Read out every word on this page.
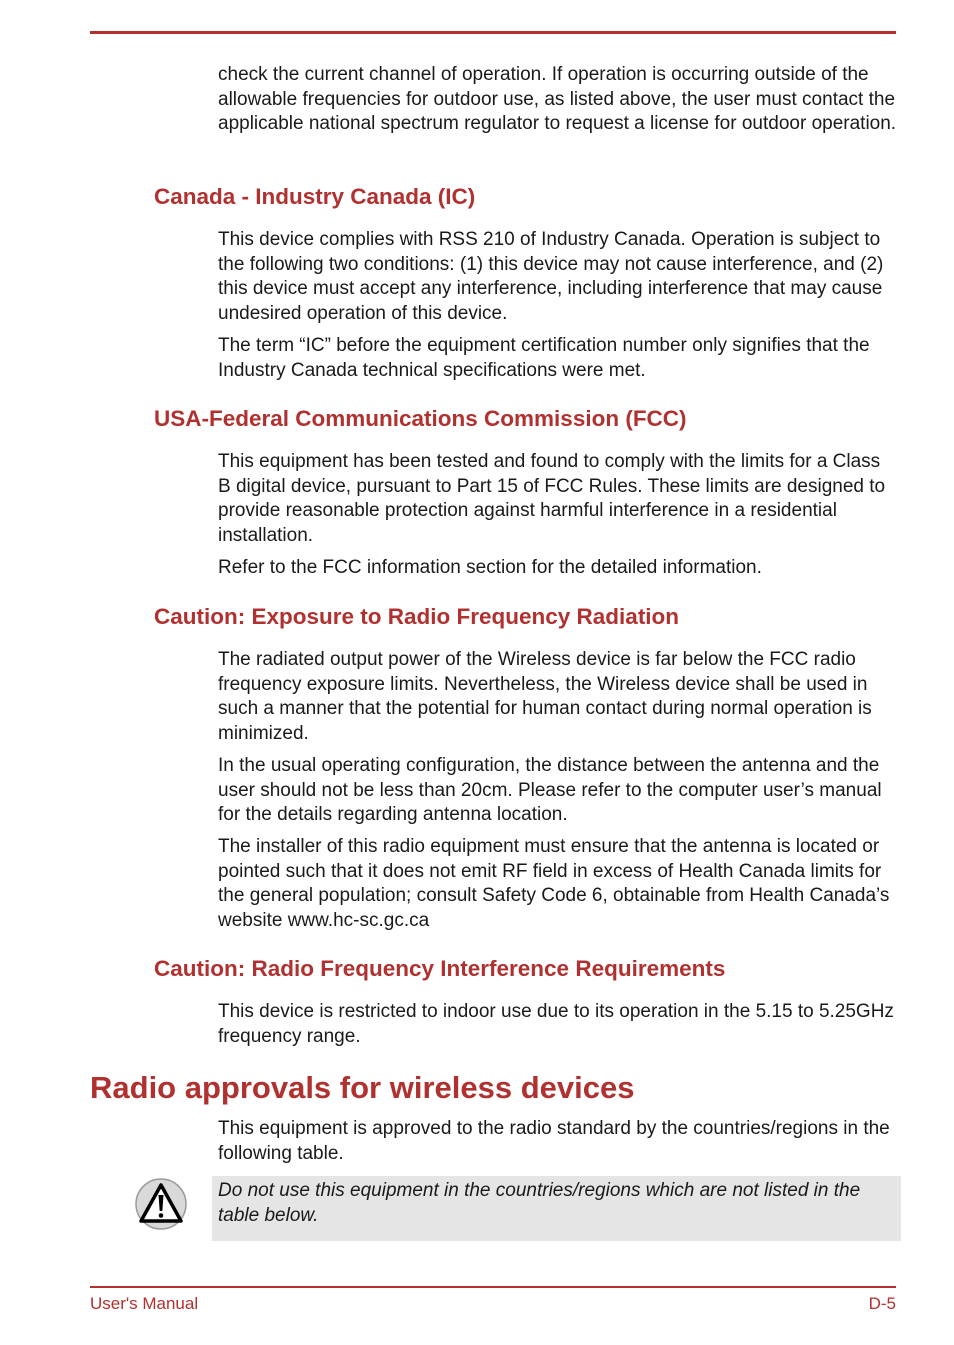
check the current channel of operation. If operation is occurring outside of the allowable frequencies for outdoor use, as listed above, the user must contact the applicable national spectrum regulator to request a license for outdoor operation.

Canada - Industry Canada (IC)

This device complies with RSS 210 of Industry Canada. Operation is subject to the following two conditions: (1) this device may not cause interference, and (2) this device must accept any interference, including interference that may cause undesired operation of this device.

The term “IC” before the equipment certification number only signifies that the Industry Canada technical specifications were met.

USA-Federal Communications Commission (FCC)

This equipment has been tested and found to comply with the limits for a Class B digital device, pursuant to Part 15 of FCC Rules. These limits are designed to provide reasonable protection against harmful interference in a residential installation.

Refer to the FCC information section for the detailed information.

Caution: Exposure to Radio Frequency Radiation

The radiated output power of the Wireless device is far below the FCC radio frequency exposure limits. Nevertheless, the Wireless device shall be used in such a manner that the potential for human contact during normal operation is minimized.

In the usual operating configuration, the distance between the antenna and the user should not be less than 20cm. Please refer to the computer user’s manual for the details regarding antenna location.

The installer of this radio equipment must ensure that the antenna is located or pointed such that it does not emit RF field in excess of Health Canada limits for the general population; consult Safety Code 6, obtainable from Health Canada’s website www.hc-sc.gc.ca

Caution: Radio Frequency Interference Requirements

This device is restricted to indoor use due to its operation in the 5.15 to 5.25GHz frequency range.

Radio approvals for wireless devices

This equipment is approved to the radio standard by the countries/regions in the following table.

Do not use this equipment in the countries/regions which are not listed in the table below.

User's Manual	D-5
